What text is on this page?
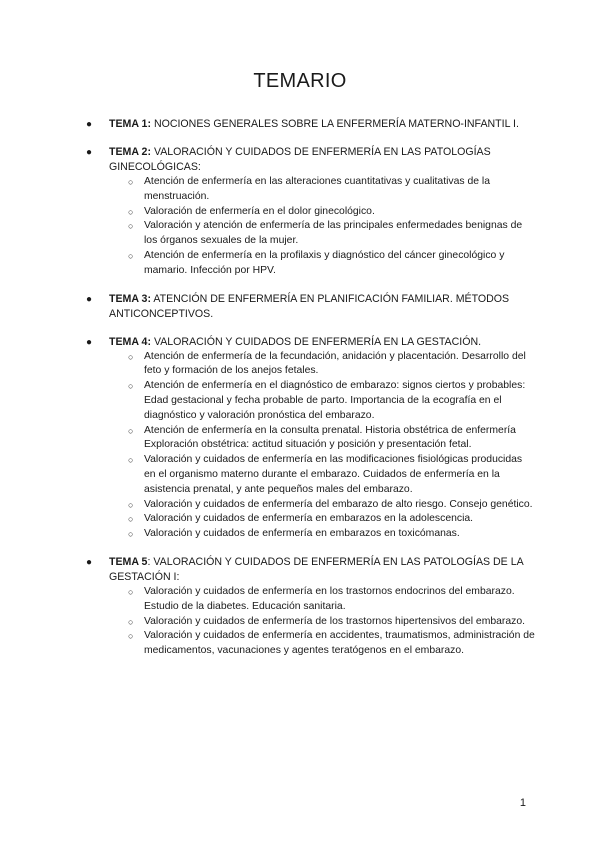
TEMARIO
● TEMA 1: NOCIONES GENERALES SOBRE LA ENFERMERÍA MATERNO-INFANTIL I.
● TEMA 2: VALORACIÓN Y CUIDADOS DE ENFERMERÍA EN LAS PATOLOGÍAS GINECOLÓGICAS:
○ Atención de enfermería en las alteraciones cuantitativas y cualitativas de la menstruación.
○ Valoración de enfermería en el dolor ginecológico.
○ Valoración y atención de enfermería de las principales enfermedades benignas de los órganos sexuales de la mujer.
○ Atención de enfermería en la profilaxis y diagnóstico del cáncer ginecológico y mamario. Infección por HPV.
● TEMA 3: ATENCIÓN DE ENFERMERÍA EN PLANIFICACIÓN FAMILIAR. MÉTODOS ANTICONCEPTIVOS.
● TEMA 4: VALORACIÓN Y CUIDADOS DE ENFERMERÍA EN LA GESTACIÓN.
○ Atención de enfermería de la fecundación, anidación y placentación. Desarrollo del feto y formación de los anejos fetales.
○ Atención de enfermería en el diagnóstico de embarazo: signos ciertos y probables: Edad gestacional y fecha probable de parto. Importancia de la ecografía en el diagnóstico y valoración pronóstica del embarazo.
○ Atención de enfermería en la consulta prenatal. Historia obstétrica de enfermería Exploración obstétrica: actitud situación y posición y presentación fetal.
○ Valoración y cuidados de enfermería en las modificaciones fisiológicas producidas en el organismo materno durante el embarazo. Cuidados de enfermería en la asistencia prenatal, y ante pequeños males del embarazo.
○ Valoración y cuidados de enfermería del embarazo de alto riesgo. Consejo genético.
○ Valoración y cuidados de enfermería en embarazos en la adolescencia.
○ Valoración y cuidados de enfermería en embarazos en toxicómanas.
● TEMA 5: VALORACIÓN Y CUIDADOS DE ENFERMERÍA EN LAS PATOLOGÍAS DE LA GESTACIÓN I:
○ Valoración y cuidados de enfermería en los trastornos endocrinos del embarazo. Estudio de la diabetes. Educación sanitaria.
○ Valoración y cuidados de enfermería de los trastornos hipertensivos del embarazo.
○ Valoración y cuidados de enfermería en accidentes, traumatismos, administración de medicamentos, vacunaciones y agentes teratógenos en el embarazo.
1
